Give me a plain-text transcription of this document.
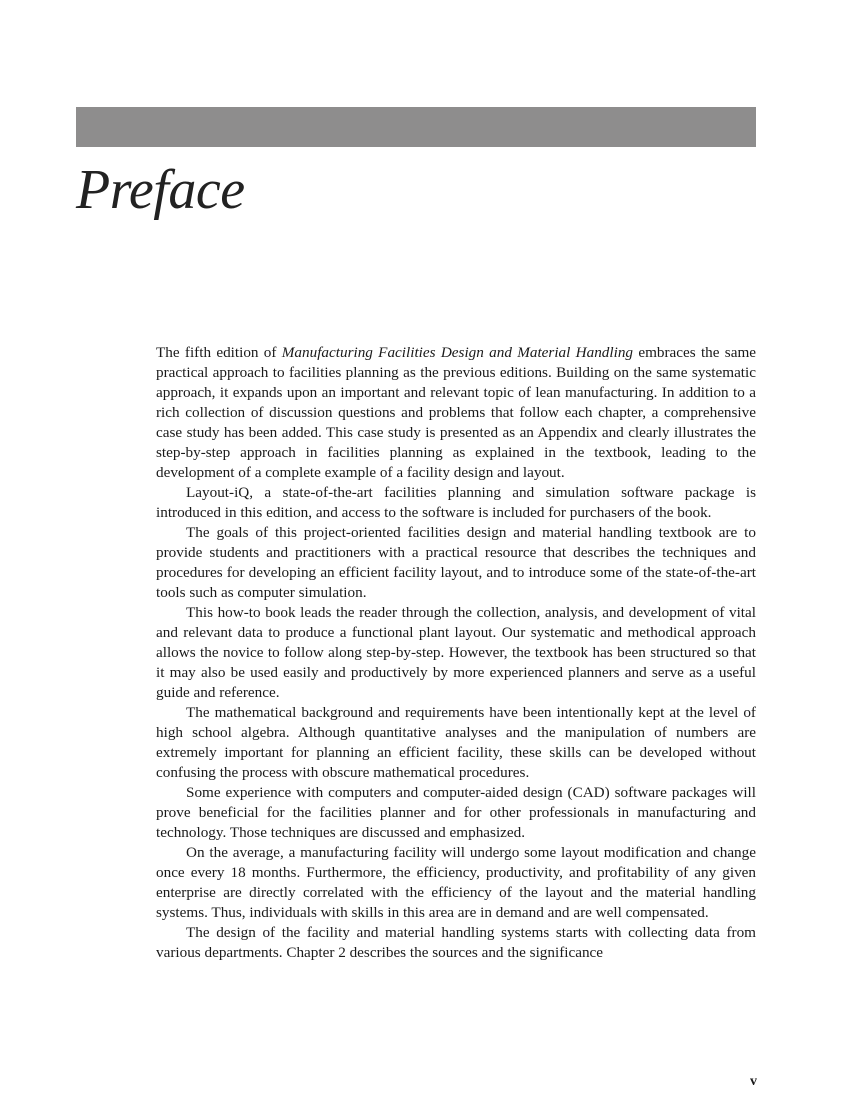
Preface

The fifth edition of Manufacturing Facilities Design and Material Handling embraces the same practical approach to facilities planning as the previous editions. Building on the same systematic approach, it expands upon an important and relevant topic of lean manufacturing. In addition to a rich collection of discussion questions and problems that follow each chapter, a comprehensive case study has been added. This case study is presented as an Appendix and clearly illustrates the step-by-step approach in facilities planning as explained in the textbook, leading to the development of a complete example of a facility design and layout.

Layout-iQ, a state-of-the-art facilities planning and simulation software package is introduced in this edition, and access to the software is included for purchasers of the book.

The goals of this project-oriented facilities design and material handling textbook are to provide students and practitioners with a practical resource that describes the techniques and procedures for developing an efficient facility layout, and to introduce some of the state-of-the-art tools such as computer simulation.

This how-to book leads the reader through the collection, analysis, and development of vital and relevant data to produce a functional plant layout. Our systematic and methodical approach allows the novice to follow along step-by-step. However, the textbook has been structured so that it may also be used easily and productively by more experienced planners and serve as a useful guide and reference.

The mathematical background and requirements have been intentionally kept at the level of high school algebra. Although quantitative analyses and the manipulation of numbers are extremely important for planning an efficient facility, these skills can be developed without confusing the process with obscure mathematical procedures.

Some experience with computers and computer-aided design (CAD) software packages will prove beneficial for the facilities planner and for other professionals in manufacturing and technology. Those techniques are discussed and emphasized.

On the average, a manufacturing facility will undergo some layout modification and change once every 18 months. Furthermore, the efficiency, productivity, and profitability of any given enterprise are directly correlated with the efficiency of the layout and the material handling systems. Thus, individuals with skills in this area are in demand and are well compensated.

The design of the facility and material handling systems starts with collecting data from various departments. Chapter 2 describes the sources and the significance

v
